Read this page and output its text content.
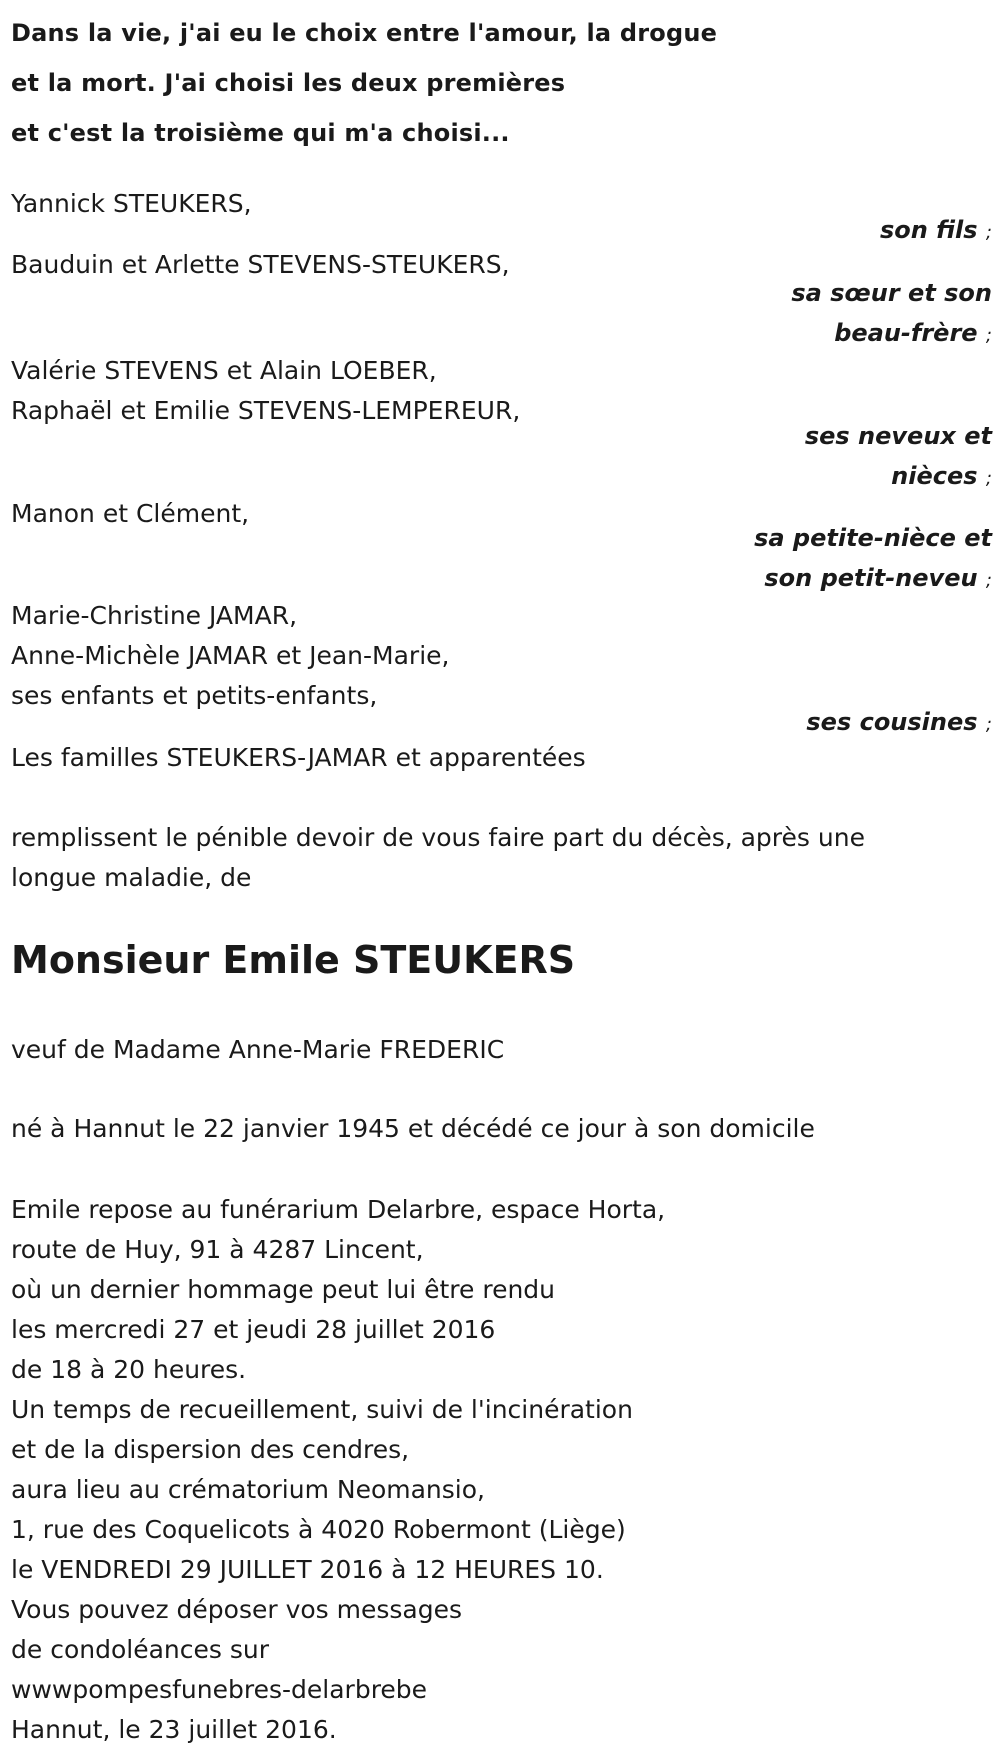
Dans la vie, j'ai eu le choix entre l'amour, la drogue
et la mort. J'ai choisi les deux premières
et c'est la troisième qui m'a choisi...
Yannick STEUKERS,
son fils ;
Bauduin et Arlette STEVENS-STEUKERS,
sa sœur et son
beau-frère ;
Valérie STEVENS et Alain LOEBER,
Raphaël et Emilie STEVENS-LEMPEREUR,
ses neveux et
nièces ;
Manon et Clément,
sa petite-nièce et
son petit-neveu ;
Marie-Christine JAMAR,
Anne-Michèle JAMAR et Jean-Marie,
ses enfants et petits-enfants,
ses cousines ;
Les familles STEUKERS-JAMAR et apparentées
remplissent le pénible devoir de vous faire part du décès, après une
longue maladie, de
Monsieur Emile STEUKERS
veuf de Madame Anne-Marie FREDERIC
né à Hannut le 22 janvier 1945 et décédé ce jour à son domicile
Emile repose au funérarium Delarbre, espace Horta,
route de Huy, 91 à 4287 Lincent,
où un dernier hommage peut lui être rendu
les mercredi 27 et jeudi 28 juillet 2016
de 18 à 20 heures.
Un temps de recueillement, suivi de l'incinération
et de la dispersion des cendres,
aura lieu au crématorium Neomansio,
1, rue des Coquelicots à 4020 Robermont (Liège)
le VENDREDI 29 JUILLET 2016 à 12 HEURES 10.
Vous pouvez déposer vos messages
de condoléances sur
wwwpompesfunebres-delarbrebe
Hannut, le 23 juillet 2016.
